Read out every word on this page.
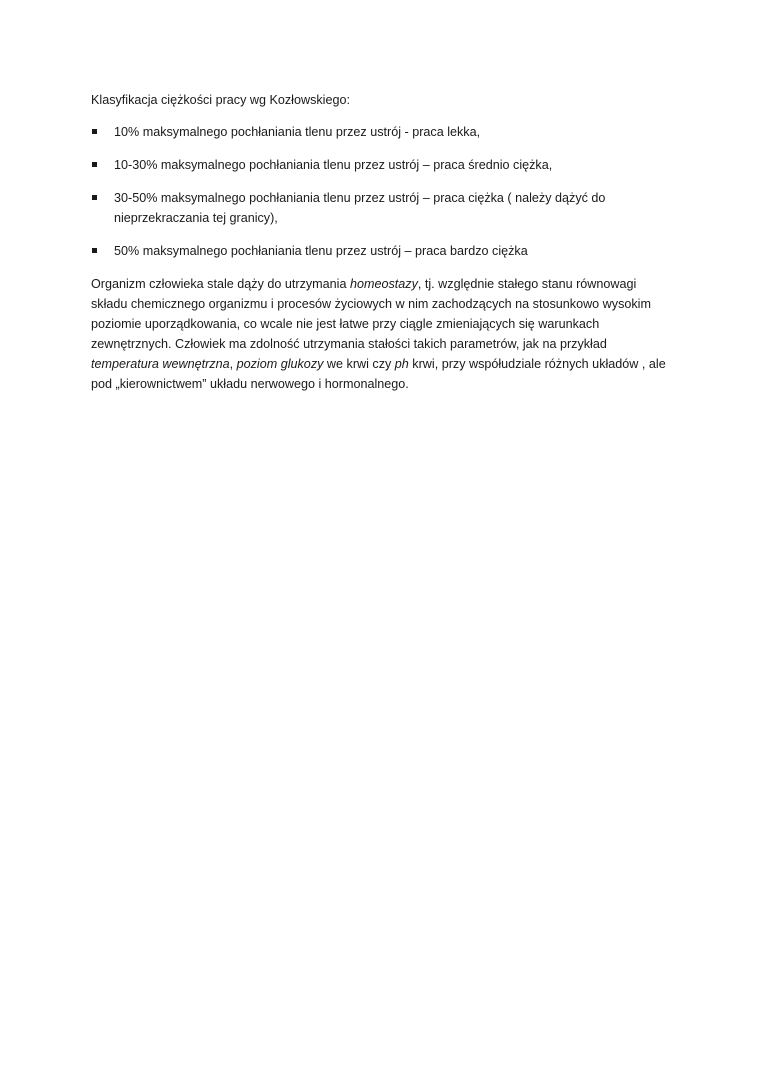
Klasyfikacja ciężkości pracy wg Kozłowskiego:

10% maksymalnego pochłaniania tlenu przez ustrój - praca lekka,
10-30% maksymalnego pochłaniania tlenu przez ustrój – praca średnio ciężka,
30-50% maksymalnego pochłaniania tlenu przez ustrój – praca ciężka ( należy dążyć do nieprzekraczania tej granicy),
50% maksymalnego pochłaniania tlenu przez ustrój – praca bardzo ciężka

Organizm człowieka stale dąży do utrzymania homeostazy, tj. względnie stałego stanu równowagi składu chemicznego organizmu i procesów życiowych w nim zachodzących na stosunkowo wysokim poziomie uporządkowania, co wcale nie jest łatwe przy ciągle zmieniających się warunkach zewnętrznych. Człowiek ma zdolność utrzymania stałości takich parametrów, jak na przykład temperatura wewnętrzna, poziom glukozy we krwi czy ph krwi, przy współudziale różnych układów , ale pod „kierownictwem” układu nerwowego i hormonalnego.
